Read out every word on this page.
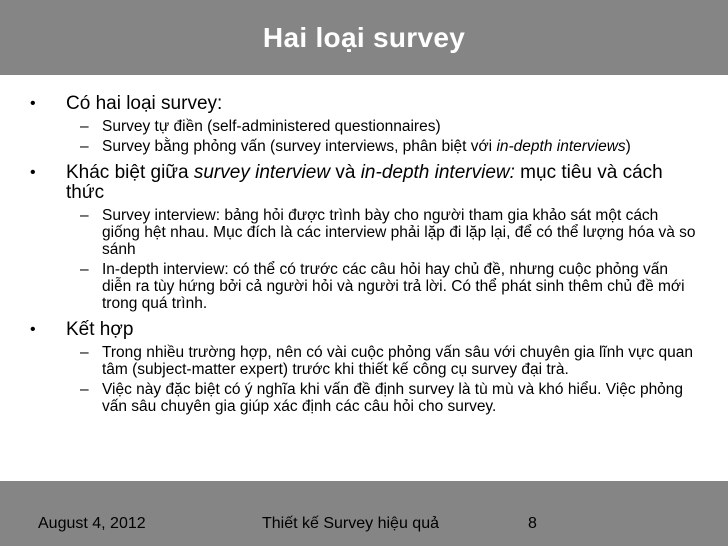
Hai loại survey
• Có hai loại survey:
– Survey tự điền (self-administered questionnaires)
– Survey bằng phỏng vấn (survey interviews, phân biệt với in-depth interviews)
• Khác biệt giữa survey interview và in-depth interview: mục tiêu và cách thức
– Survey interview: bảng hỏi được trình bày cho người tham gia khảo sát một cách giống hệt nhau. Mục đích là các interview phải lặp đi lặp lại, để có thể lượng hóa và so sánh
– In-depth interview: có thể có trước các câu hỏi hay chủ đề, nhưng cuộc phỏng vấn diễn ra tùy hứng bởi cả người hỏi và người trả lời. Có thể phát sinh thêm chủ đề mới trong quá trình.
• Kết hợp
– Trong nhiều trường hợp, nên có vài cuộc phỏng vấn sâu với chuyên gia lĩnh vực quan tâm (subject-matter expert) trước khi thiết kế công cụ survey đại trà.
– Việc này đặc biệt có ý nghĩa khi vấn đề định survey là tù mù và khó hiểu. Việc phỏng vấn sâu chuyên gia giúp xác định các câu hỏi cho survey.
August 4, 2012	Thiết kế Survey hiệu quả	8
